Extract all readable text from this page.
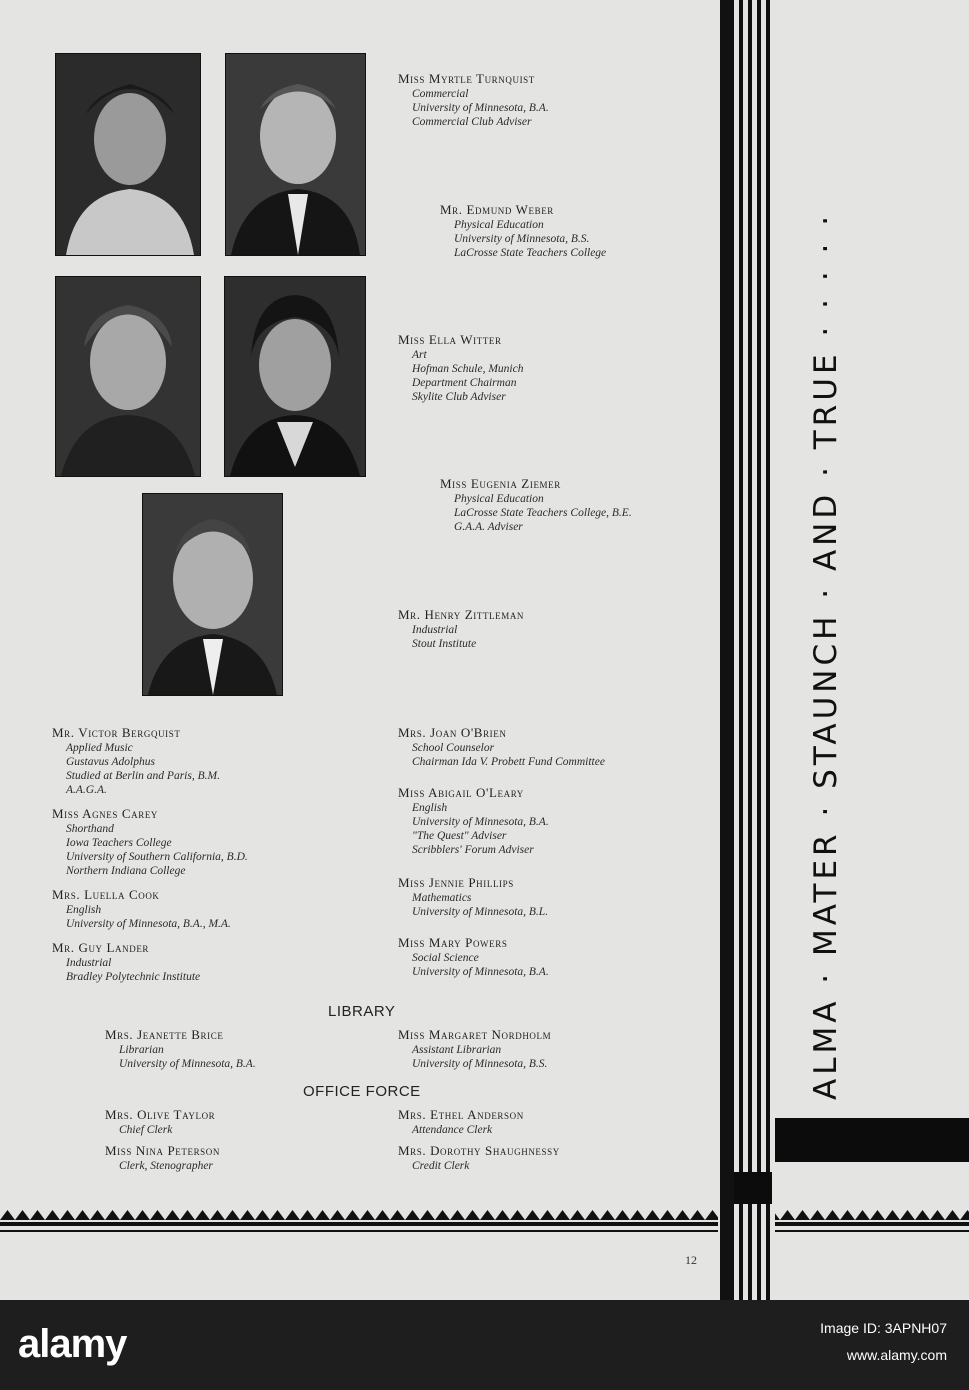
Miss Myrtle Turnquist
Commercial
University of Minnesota, B.A.
Commercial Club Adviser
Mr. Edmund Weber
Physical Education
University of Minnesota, B.S.
LaCrosse State Teachers College
Miss Ella Witter
Art
Hofman Schule, Munich
Department Chairman
Skylite Club Adviser
Miss Eugenia Ziemer
Physical Education
LaCrosse State Teachers College, B.E.
G.A.A. Adviser
Mr. Henry Zittleman
Industrial
Stout Institute
Mr. Victor Bergquist
Applied Music
Gustavus Adolphus
Studied at Berlin and Paris, B.M.
A.A.G.A.
Miss Agnes Carey
Shorthand
Iowa Teachers College
University of Southern California, B.D.
Northern Indiana College
Mrs. Luella Cook
English
University of Minnesota, B.A., M.A.
Mr. Guy Lander
Industrial
Bradley Polytechnic Institute
Mrs. Joan O'Brien
School Counselor
Chairman Ida V. Probett Fund Committee
Miss Abigail O'Leary
English
University of Minnesota, B.A.
"The Quest" Adviser
Scribblers' Forum Adviser
Miss Jennie Phillips
Mathematics
University of Minnesota, B.L.
Miss Mary Powers
Social Science
University of Minnesota, B.A.
LIBRARY
Mrs. Jeanette Brice
Librarian
University of Minnesota, B.A.
Miss Margaret Nordholm
Assistant Librarian
University of Minnesota, B.S.
OFFICE FORCE
Mrs. Olive Taylor
Chief Clerk
Miss Nina Peterson
Clerk, Stenographer
Mrs. Ethel Anderson
Attendance Clerk
Mrs. Dorothy Shaughnessy
Credit Clerk
ALMA · MATER · STAUNCH · AND · TRUE · · · · ·
12
alamy	Image ID: 3APNH07
www.alamy.com
